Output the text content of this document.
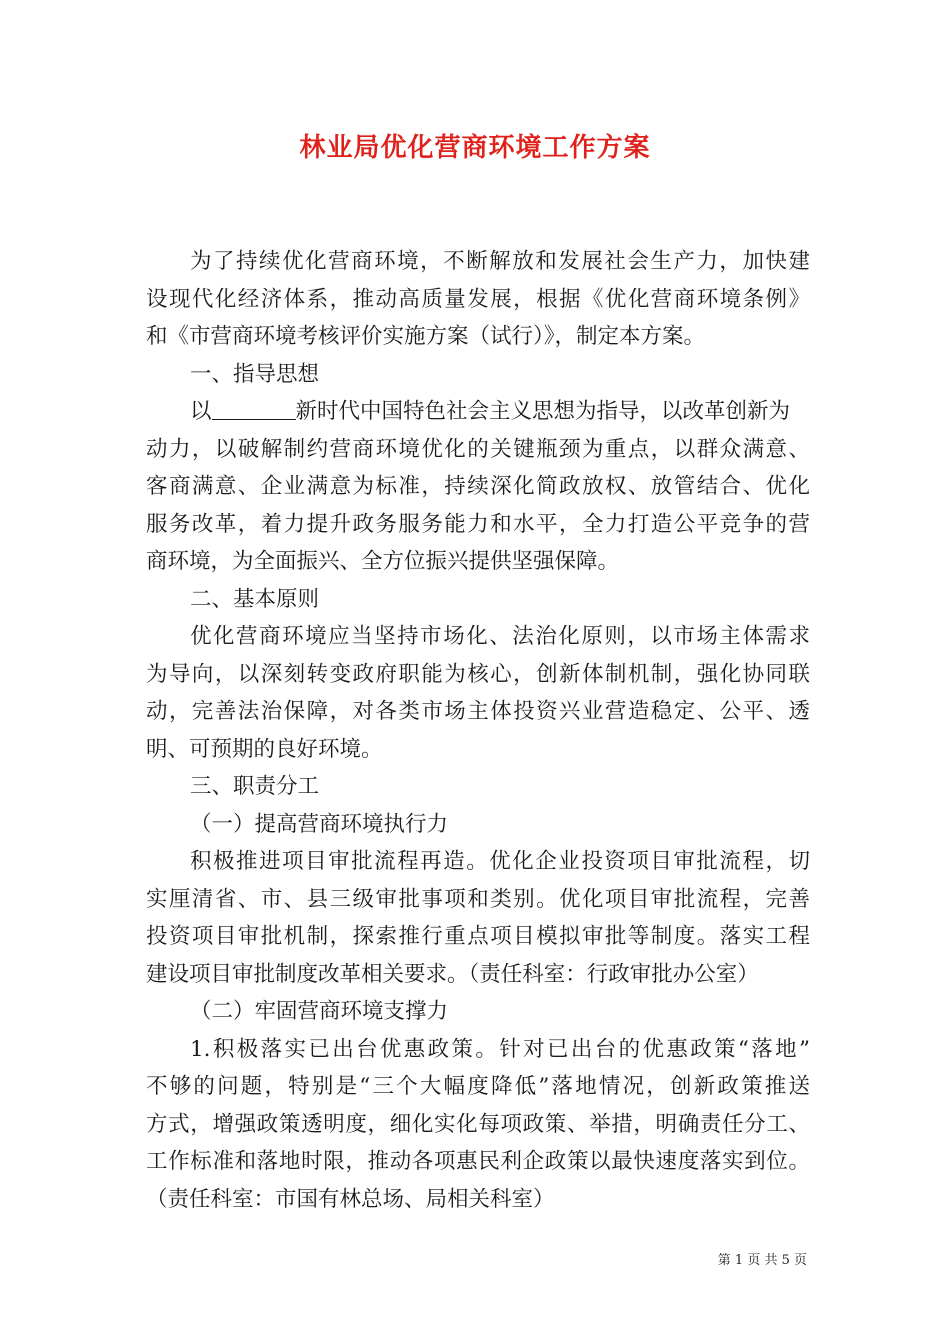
林业局优化营商环境工作方案
为了持续优化营商环境，不断解放和发展社会生产力，加快建
设现代化经济体系，推动高质量发展，根据《优化营商环境条例》
和《市营商环境考核评价实施方案（试行）》，制定本方案。
一、指导思想
以	新时代中国特色社会主义思想为指导，以改革创新为
动力，以破解制约营商环境优化的关键瓶颈为重点，以群众满意、
客商满意、企业满意为标准，持续深化简政放权、放管结合、优化
服务改革，着力提升政务服务能力和水平，全力打造公平竞争的营
商环境，为全面振兴、全方位振兴提供坚强保障。
二、基本原则
优化营商环境应当坚持市场化、法治化原则，以市场主体需求
为导向，以深刻转变政府职能为核心，创新体制机制，强化协同联
动，完善法治保障，对各类市场主体投资兴业营造稳定、公平、透
明、可预期的良好环境。
三、职责分工
（一）提高营商环境执行力
积极推进项目审批流程再造。优化企业投资项目审批流程，切
实厘清省、市、县三级审批事项和类别。优化项目审批流程，完善
投资项目审批机制，探索推行重点项目模拟审批等制度。落实工程
建设项目审批制度改革相关要求。（责任科室：行政审批办公室）
（二）牢固营商环境支撑力
1.积极落实已出台优惠政策。针对已出台的优惠政策“落地”
不够的问题，特别是“三个大幅度降低”落地情况，创新政策推送
方式，增强政策透明度，细化实化每项政策、举措，明确责任分工、
工作标准和落地时限，推动各项惠民利企政策以最快速度落实到位。
（责任科室：市国有林总场、局相关科室）
第 1 页 共 5 页
